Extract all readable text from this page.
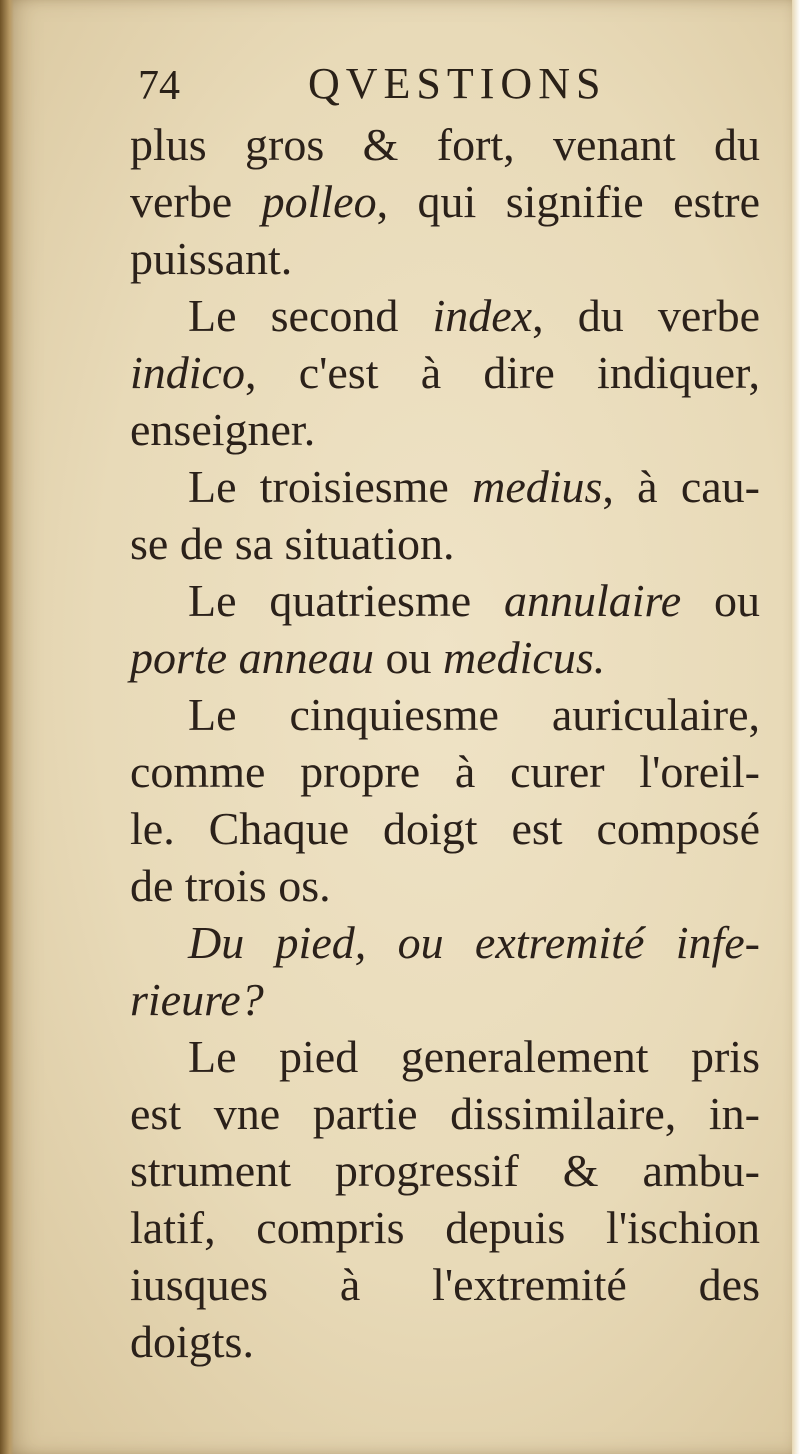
74	QVESTIONS
plus gros & fort, venant du
verbe polleo, qui signifie estre
puissant.
Le second index, du verbe
indico, c'est à dire indiquer,
enseigner.
Le troisiesme medius, à cau-
se de sa situation.
Le quatriesme annulaire ou
porte anneau ou medicus.
Le cinquiesme auriculaire,
comme propre à curer l'oreil-
le. Chaque doigt est composé
de trois os.
Du pied, ou extremité infe-
rieure?
Le pied generalement pris
est vne partie dissimilaire, in-
strument progressif & ambu-
latif, compris depuis l'ischion
iusques à l'extremité des
doigts.
